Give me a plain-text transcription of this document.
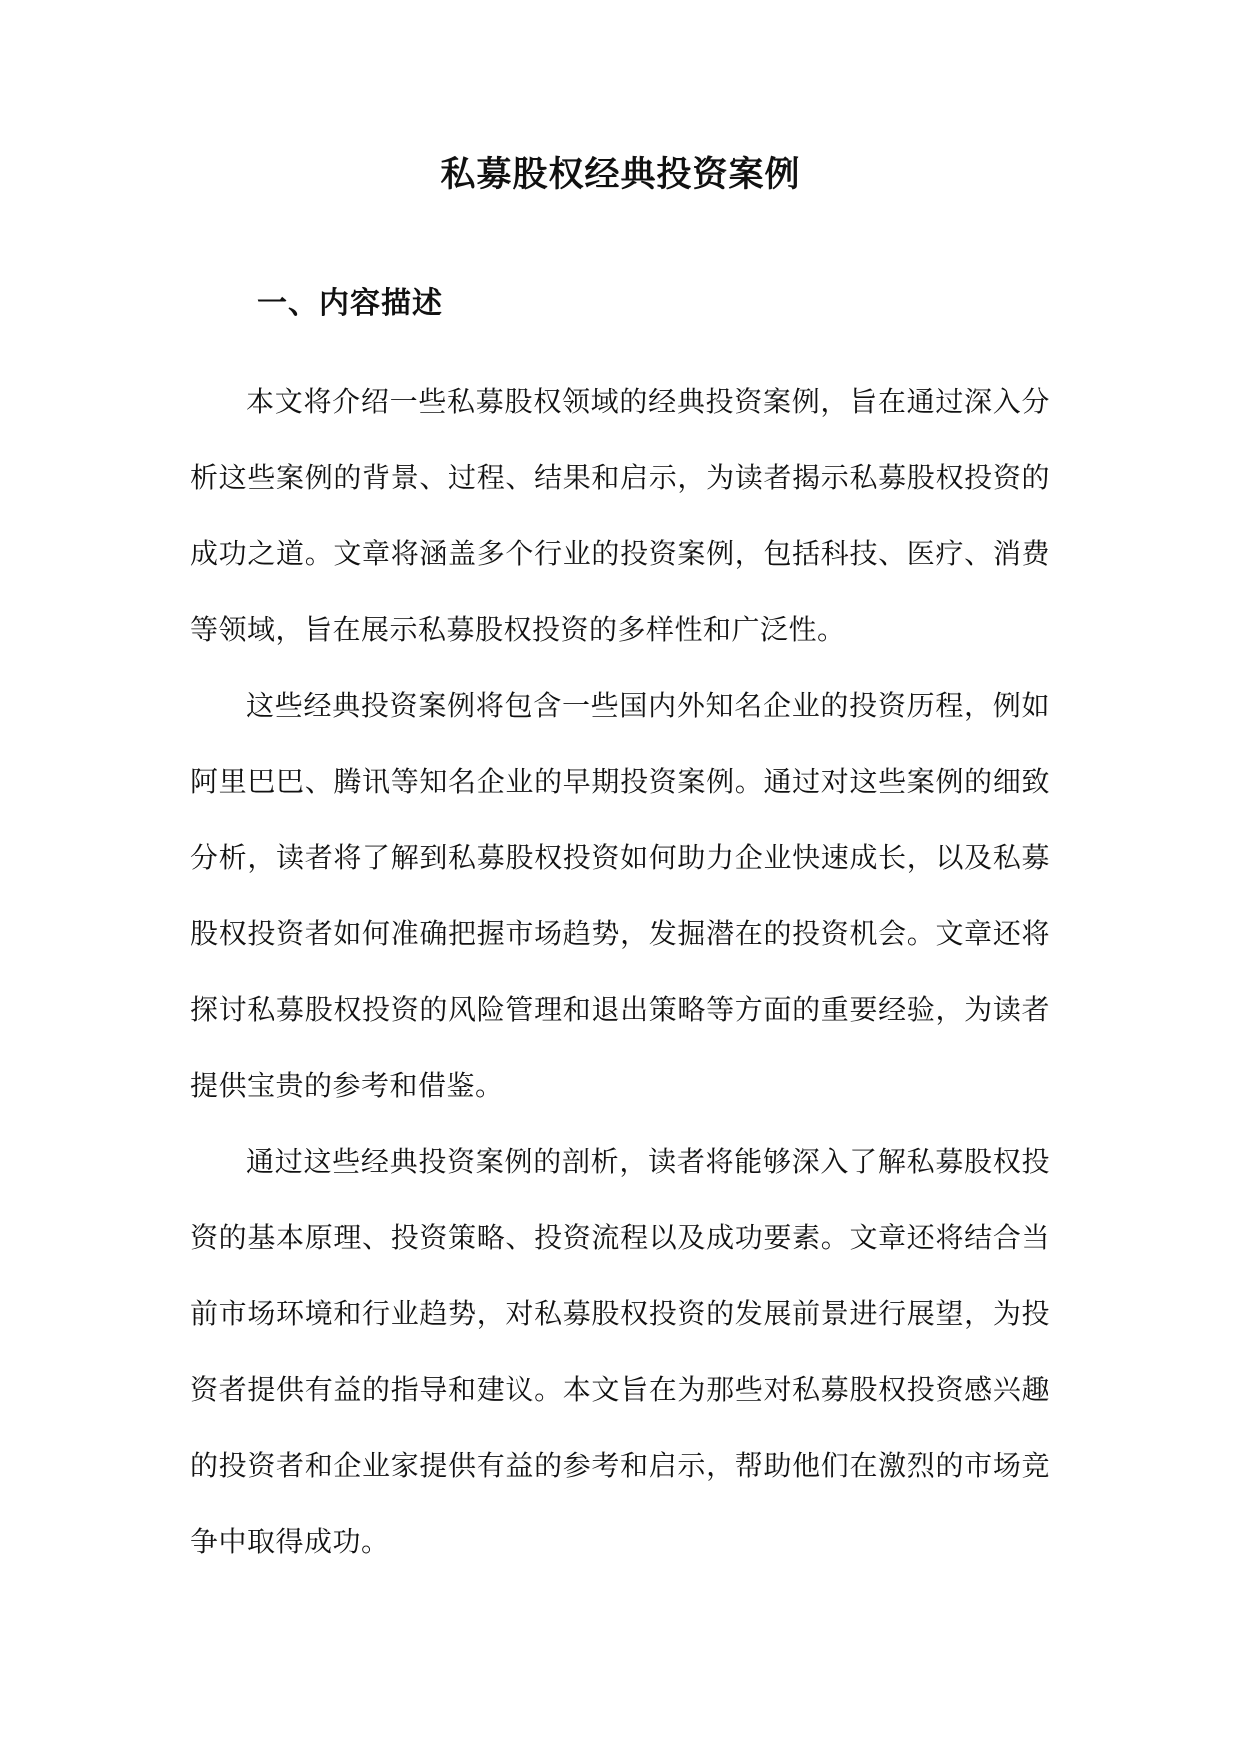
私募股权经典投资案例
一、内容描述

本文将介绍一些私募股权领域的经典投资案例，旨在通过深入分析这些案例的背景、过程、结果和启示，为读者揭示私募股权投资的成功之道。文章将涵盖多个行业的投资案例，包括科技、医疗、消费等领域，旨在展示私募股权投资的多样性和广泛性。

这些经典投资案例将包含一些国内外知名企业的投资历程，例如阿里巴巴、腾讯等知名企业的早期投资案例。通过对这些案例的细致分析，读者将了解到私募股权投资如何助力企业快速成长，以及私募股权投资者如何准确把握市场趋势，发掘潜在的投资机会。文章还将探讨私募股权投资的风险管理和退出策略等方面的重要经验，为读者提供宝贵的参考和借鉴。

通过这些经典投资案例的剖析，读者将能够深入了解私募股权投资的基本原理、投资策略、投资流程以及成功要素。文章还将结合当前市场环境和行业趋势，对私募股权投资的发展前景进行展望，为投资者提供有益的指导和建议。本文旨在为那些对私募股权投资感兴趣的投资者和企业家提供有益的参考和启示，帮助他们在激烈的市场竞争中取得成功。
